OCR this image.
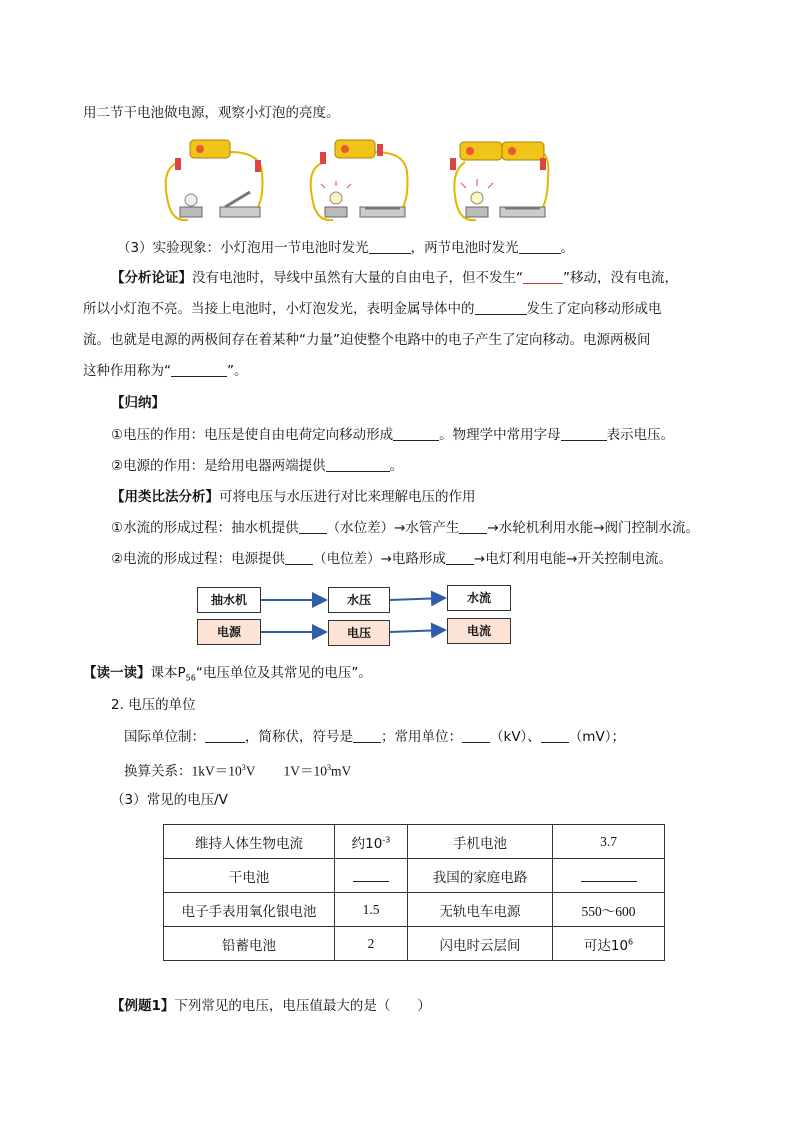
用二节干电池做电源，观察小灯泡的亮度。
（3）实验现象：小灯泡用一节电池时发光	，两节电池时发光	。
【分析论证】没有电池时，导线中虽然有大量的自由电子，但不发生“	”移动，没有电流，
所以小灯泡不亮。当接上电池时，小灯泡发光，表明金属导体中的	发生了定向移动形成电
流。也就是电源的两极间存在着某种“力量”迫使整个电路中的电子产生了定向移动。电源两极间
这种作用称为“	”。
【归纳】
①电压的作用：电压是使自由电荷定向移动形成	。物理学中常用字母	表示电压。
②电源的作用：是给用电器两端提供	。
【用类比法分析】可将电压与水压进行对比来理解电压的作用
①水流的形成过程：抽水机提供 （水位差）→水管产生 →水轮机利用水能→阀门控制水流。
②电流的形成过程：电源提供 （电位差）→电路形成 →电灯利用电能→开关控制电流。
抽水机	水压	水流
电源	电压	电流
【读一读】课本$P_{56}“$电压单位及其常见的电压”。
2. 电压的单位
国际单位制：	，简称伏，符号是 ；常用单位： （kV）、 （mV）；
换算关系：$1kV=10^3V$ $1V=10^3mV$
（3）常见的电压/V
维持人体生物电流	约$10^{-3}$	手机电池	3.7
干电池		我国的家庭电路	
电子手表用氧化银电池	1.5	无轨电车电源	550～600
铅蓄电池	2	闪电时云层间	可达$10^6$
【例题1】下列常见的电压，电压值最大的是（　　）
